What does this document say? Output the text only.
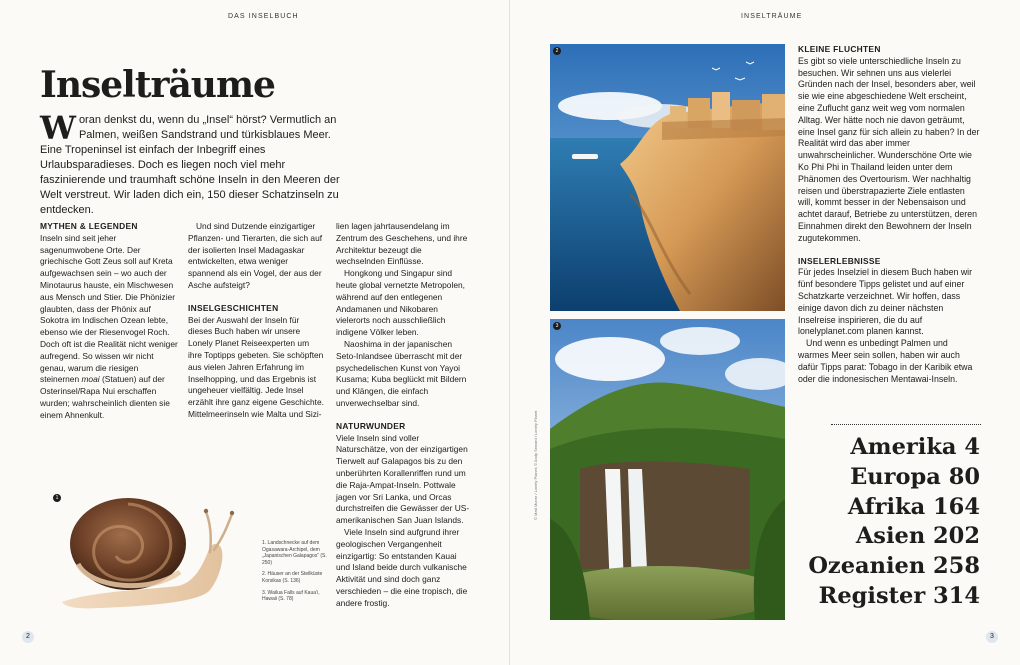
DAS INSELBUCH	INSELTRÄUME
Inselträume
Woran denkst du, wenn du „Insel“ hörst? Vermutlich an Palmen, weißen Sandstrand und türkisblaues Meer. Eine Tropeninsel ist einfach der Inbegriff eines Urlaubsparadieses. Doch es liegen noch viel mehr faszinierende und traumhaft schöne Inseln in den Meeren der Welt verstreut. Wir laden dich ein, 150 dieser Schatzinseln zu entdecken.
MYTHEN & LEGENDEN

Inseln sind seit jeher sagenumwobene Orte. Der griechische Gott Zeus soll auf Kreta aufgewachsen sein – wo auch der Minotaurus hauste, ein Mischwesen aus Mensch und Stier. Die Phönizier glaubten, dass der Phönix auf Sokotra im Indischen Ozean lebte, ebenso wie der Riesenvogel Roch. Doch oft ist die Realität nicht weniger aufregend. So wissen wir nicht genau, warum die riesigen steinernen moai (Statuen) auf der Osterinsel/Rapa Nui erschaffen wurden; wahrscheinlich dienten sie einem Ahnenkult.

Und sind Dutzende einzigartiger Pflanzen- und Tierarten, die sich auf der isolierten Insel Madagaskar entwickelten, etwa weniger spannend als ein Vogel, der aus der Asche aufsteigt?

INSELGESCHICHTEN

Bei der Auswahl der Inseln für dieses Buch haben wir unsere Lonely Planet Reiseexperten um ihre Toptipps gebeten. Sie schöpften aus vielen Jahren Erfahrung im Inselhopping, und das Ergebnis ist ungeheuer vielfältig. Jede Insel erzählt ihre ganz eigene Geschichte. Mittelmeerinseln wie Malta und Sizi-

lien lagen jahrtausendelang im Zentrum des Geschehens, und ihre Architektur bezeugt die wechselnden Einflüsse.

Hongkong und Singapur sind heute global vernetzte Metropolen, während auf den entlegenen Andamanen und Nikobaren vielerorts noch ausschließlich indigene Völker leben.

Naoshima in der japanischen Seto-Inlandsee überrascht mit der psychedelischen Kunst von Yayoi Kusama; Kuba beglückt mit Bildern und Klängen, die einfach unverwechselbar sind.

NATURWUNDER

Viele Inseln sind voller Naturschätze, von der einzigartigen Tierwelt auf Galapagos bis zu den unberührten Korallenriffen rund um die Raja-Ampat-Inseln. Pottwale jagen vor Sri Lanka, und Orcas durchstreifen die Gewässer der US-amerikanischen San Juan Islands.

Viele Inseln sind aufgrund ihrer geologischen Vergangenheit einzigartig: So entstanden Kauai und Island beide durch vulkanische Aktivität und sind doch ganz verschieden – die eine tropisch, die andere frostig.

1
1. Landschnecke auf dem Ogasawara-Archipel, dem „Japanischen Galapagos“ (S. 250)
2. Häuser an der Steilküste Korsikas (S. 136)
3. Wailua Falls auf Kaua‘i, Hawaii (S. 78)
2	3
2
3
© Matt Munro / Lonely Planet; © Andy Seward / Lonely Planet
KLEINE FLUCHTEN

Es gibt so viele unterschiedliche Inseln zu besuchen. Wir sehnen uns aus vielerlei Gründen nach der Insel, besonders aber, weil sie wie eine abgeschiedene Welt erscheint, eine Zuflucht ganz weit weg vom normalen Alltag. Wer hätte noch nie davon geträumt, eine Insel ganz für sich allein zu haben? In der Realität wird das aber immer unwahrscheinlicher. Wunderschöne Orte wie Ko Phi Phi in Thailand leiden unter dem Phänomen des Overtourism. Wer nachhaltig reisen und überstrapazierte Ziele entlasten will, kommt besser in der Nebensaison und achtet darauf, Betriebe zu unterstützen, deren Einnahmen direkt den Bewohnern der Inseln zugutekommen.

INSELERLEBNISSE

Für jedes Inselziel in diesem Buch haben wir fünf besondere Tipps gelistet und auf einer Schatzkarte verzeichnet. Wir hoffen, dass einige davon dich zu deiner nächsten Inselreise inspirieren, die du auf lonelyplanet.com planen kannst.

Und wenn es unbedingt Palmen und warmes Meer sein sollen, haben wir auch dafür Tipps parat: Tobago in der Karibik etwa oder die indonesischen Mentawai-Inseln.

Amerika 4
Europa 80
Afrika 164
Asien 202
Ozeanien 258
Register 314
